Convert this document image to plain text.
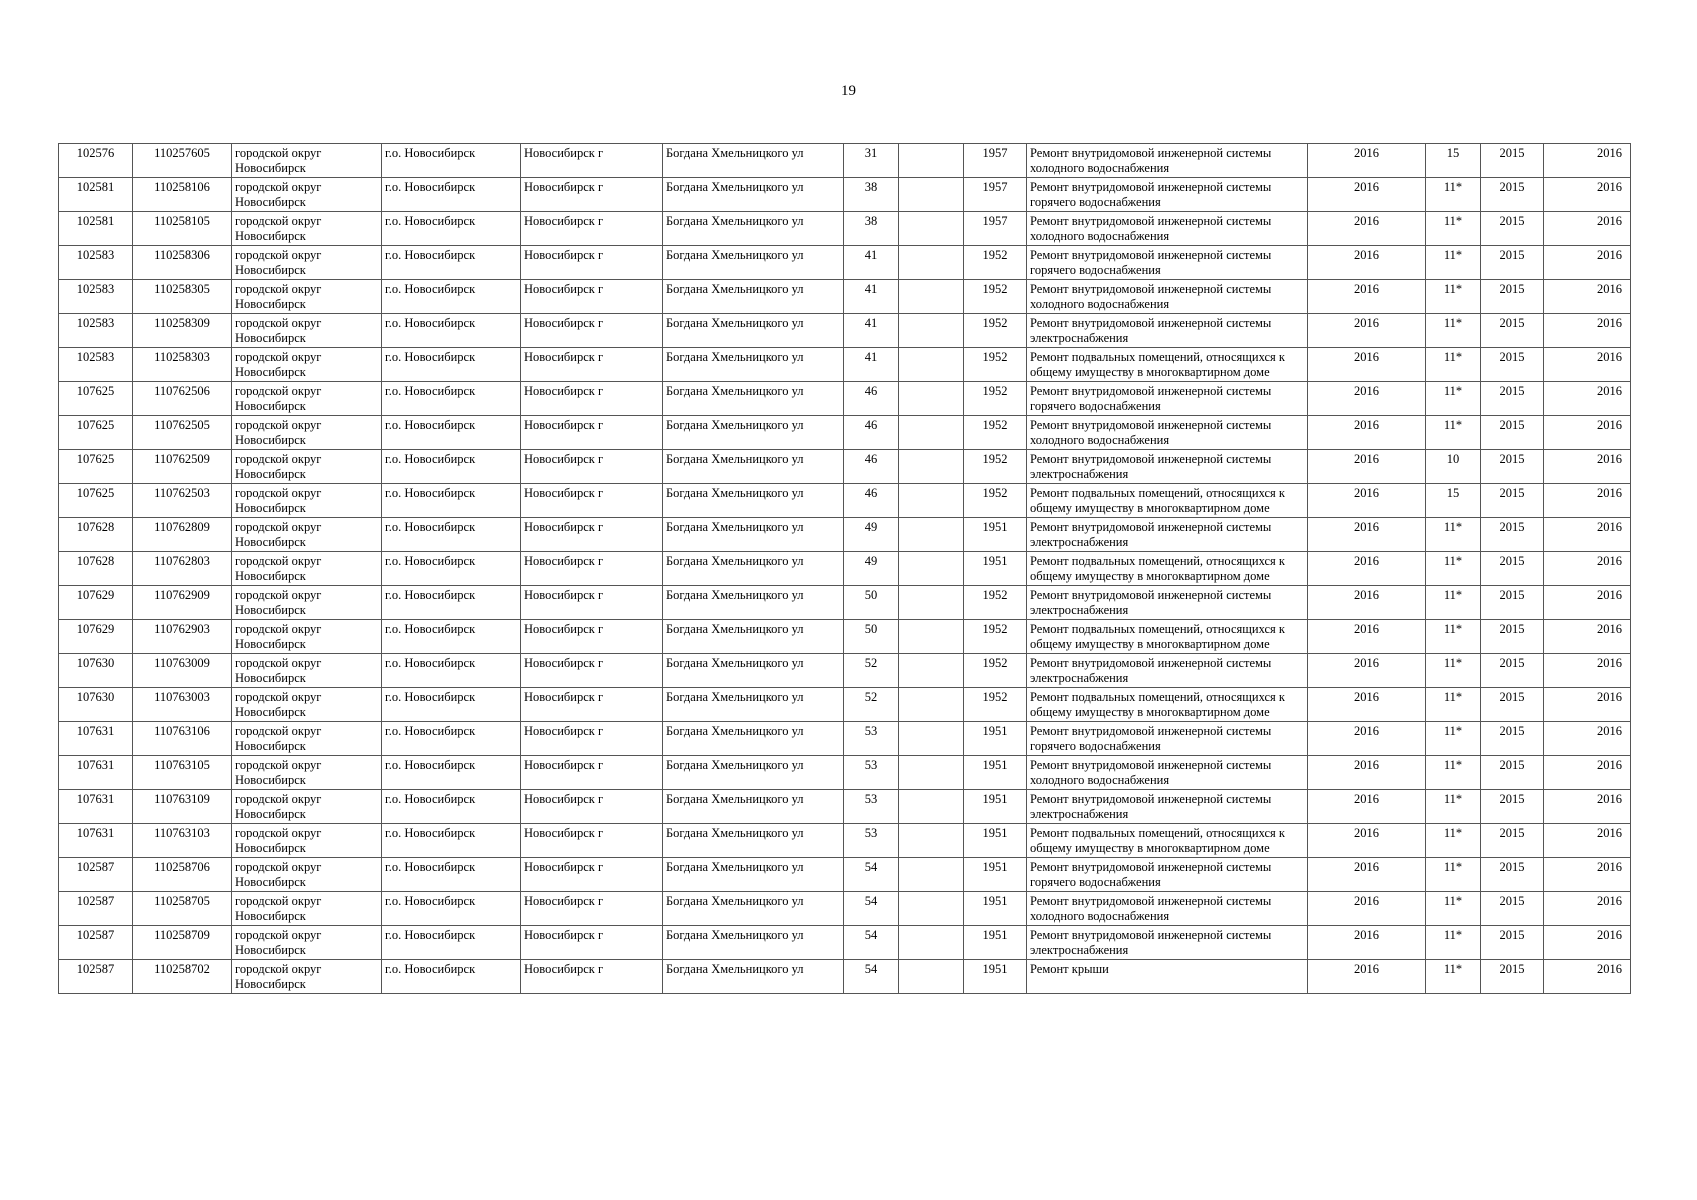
19
102576	110257605	городской округ Новосибирск	г.о. Новосибирск	Новосибирск г	Богдана Хмельницкого ул	31		1957	Ремонт внутридомовой инженерной системы холодного водоснабжения	2016	15	2015	2016
102581	110258106	городской округ Новосибирск	г.о. Новосибирск	Новосибирск г	Богдана Хмельницкого ул	38		1957	Ремонт внутридомовой инженерной системы горячего водоснабжения	2016	11*	2015	2016
102581	110258105	городской округ Новосибирск	г.о. Новосибирск	Новосибирск г	Богдана Хмельницкого ул	38		1957	Ремонт внутридомовой инженерной системы холодного водоснабжения	2016	11*	2015	2016
102583	110258306	городской округ Новосибирск	г.о. Новосибирск	Новосибирск г	Богдана Хмельницкого ул	41		1952	Ремонт внутридомовой инженерной системы горячего водоснабжения	2016	11*	2015	2016
102583	110258305	городской округ Новосибирск	г.о. Новосибирск	Новосибирск г	Богдана Хмельницкого ул	41		1952	Ремонт внутридомовой инженерной системы холодного водоснабжения	2016	11*	2015	2016
102583	110258309	городской округ Новосибирск	г.о. Новосибирск	Новосибирск г	Богдана Хмельницкого ул	41		1952	Ремонт внутридомовой инженерной системы электроснабжения	2016	11*	2015	2016
102583	110258303	городской округ Новосибирск	г.о. Новосибирск	Новосибирск г	Богдана Хмельницкого ул	41		1952	Ремонт подвальных помещений, относящихся к общему имуществу в многоквартирном доме	2016	11*	2015	2016
107625	110762506	городской округ Новосибирск	г.о. Новосибирск	Новосибирск г	Богдана Хмельницкого ул	46		1952	Ремонт внутридомовой инженерной системы горячего водоснабжения	2016	11*	2015	2016
107625	110762505	городской округ Новосибирск	г.о. Новосибирск	Новосибирск г	Богдана Хмельницкого ул	46		1952	Ремонт внутридомовой инженерной системы холодного водоснабжения	2016	11*	2015	2016
107625	110762509	городской округ Новосибирск	г.о. Новосибирск	Новосибирск г	Богдана Хмельницкого ул	46		1952	Ремонт внутридомовой инженерной системы электроснабжения	2016	10	2015	2016
107625	110762503	городской округ Новосибирск	г.о. Новосибирск	Новосибирск г	Богдана Хмельницкого ул	46		1952	Ремонт подвальных помещений, относящихся к общему имуществу в многоквартирном доме	2016	15	2015	2016
107628	110762809	городской округ Новосибирск	г.о. Новосибирск	Новосибирск г	Богдана Хмельницкого ул	49		1951	Ремонт внутридомовой инженерной системы электроснабжения	2016	11*	2015	2016
107628	110762803	городской округ Новосибирск	г.о. Новосибирск	Новосибирск г	Богдана Хмельницкого ул	49		1951	Ремонт подвальных помещений, относящихся к общему имуществу в многоквартирном доме	2016	11*	2015	2016
107629	110762909	городской округ Новосибирск	г.о. Новосибирск	Новосибирск г	Богдана Хмельницкого ул	50		1952	Ремонт внутридомовой инженерной системы электроснабжения	2016	11*	2015	2016
107629	110762903	городской округ Новосибирск	г.о. Новосибирск	Новосибирск г	Богдана Хмельницкого ул	50		1952	Ремонт подвальных помещений, относящихся к общему имуществу в многоквартирном доме	2016	11*	2015	2016
107630	110763009	городской округ Новосибирск	г.о. Новосибирск	Новосибирск г	Богдана Хмельницкого ул	52		1952	Ремонт внутридомовой инженерной системы электроснабжения	2016	11*	2015	2016
107630	110763003	городской округ Новосибирск	г.о. Новосибирск	Новосибирск г	Богдана Хмельницкого ул	52		1952	Ремонт подвальных помещений, относящихся к общему имуществу в многоквартирном доме	2016	11*	2015	2016
107631	110763106	городской округ Новосибирск	г.о. Новосибирск	Новосибирск г	Богдана Хмельницкого ул	53		1951	Ремонт внутридомовой инженерной системы горячего водоснабжения	2016	11*	2015	2016
107631	110763105	городской округ Новосибирск	г.о. Новосибирск	Новосибирск г	Богдана Хмельницкого ул	53		1951	Ремонт внутридомовой инженерной системы холодного водоснабжения	2016	11*	2015	2016
107631	110763109	городской округ Новосибирск	г.о. Новосибирск	Новосибирск г	Богдана Хмельницкого ул	53		1951	Ремонт внутридомовой инженерной системы электроснабжения	2016	11*	2015	2016
107631	110763103	городской округ Новосибирск	г.о. Новосибирск	Новосибирск г	Богдана Хмельницкого ул	53		1951	Ремонт подвальных помещений, относящихся к общему имуществу в многоквартирном доме	2016	11*	2015	2016
102587	110258706	городской округ Новосибирск	г.о. Новосибирск	Новосибирск г	Богдана Хмельницкого ул	54		1951	Ремонт внутридомовой инженерной системы горячего водоснабжения	2016	11*	2015	2016
102587	110258705	городской округ Новосибирск	г.о. Новосибирск	Новосибирск г	Богдана Хмельницкого ул	54		1951	Ремонт внутридомовой инженерной системы холодного водоснабжения	2016	11*	2015	2016
102587	110258709	городской округ Новосибирск	г.о. Новосибирск	Новосибирск г	Богдана Хмельницкого ул	54		1951	Ремонт внутридомовой инженерной системы электроснабжения	2016	11*	2015	2016
102587	110258702	городской округ Новосибирск	г.о. Новосибирск	Новосибирск г	Богдана Хмельницкого ул	54		1951	Ремонт крыши	2016	11*	2015	2016
